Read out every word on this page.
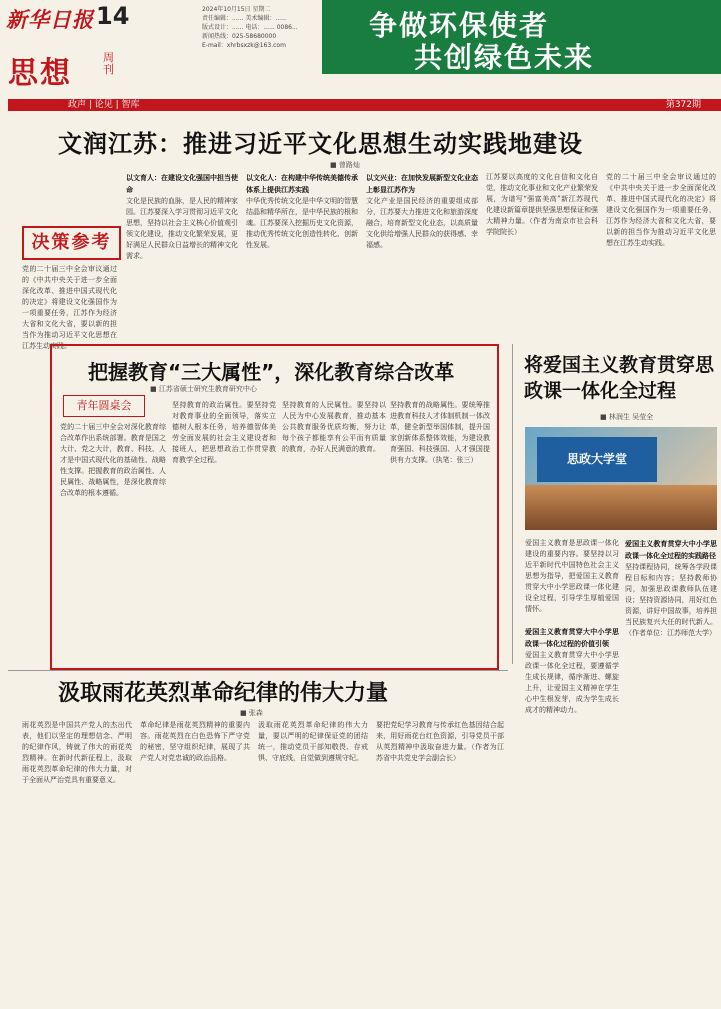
新华日报 14	2024年10月15日 星期二
责任编辑：...... 美术编辑：......
版式设计：...... 电话：...... 0086...
新闻热线：025-58680000
E-mail：xhrbsxzk@163.com
争做环保使者
共创绿色未来
思想	周刊
政声 | 论见 | 智库	第372期
文润江苏：推进习近平文化思想生动实践地建设
■ 曾路灿
决策参考
党的二十届三中全会审议通过的《中共中央关于进一步全面深化改革、推进中国式现代化的决定》将建设文化强国作为一项重要任务，江苏作为经济大省和文化大省，要以新的担当作为推动习近平文化思想在江苏生动实践。
以文育人：在建设文化强国中担当使命
文化是民族的血脉，是人民的精神家园。江苏要深入学习贯彻习近平文化思想，坚持以社会主义核心价值观引领文化建设，推动文化繁荣发展，更好满足人民群众日益增长的精神文化需求。
以文化人：在构建中华传统美德传承体系上提供江苏实践
中华优秀传统文化是中华文明的智慧结晶和精华所在，是中华民族的根和魂。江苏要深入挖掘历史文化资源，推动优秀传统文化创造性转化、创新性发展。
以文兴业：在加快发展新型文化业态上彰显江苏作为
文化产业是国民经济的重要组成部分，江苏要大力推进文化和旅游深度融合，培育新型文化业态，以高质量文化供给增强人民群众的获得感、幸福感。
江苏要以高度的文化自信和文化自觉，推动文化事业和文化产业繁荣发展，为谱写“强富美高”新江苏现代化建设新篇章提供坚强思想保证和强大精神力量。（作者为南京市社会科学院院长）
党的二十届三中全会审议通过的《中共中央关于进一步全面深化改革、推进中国式现代化的决定》将建设文化强国作为一项重要任务，江苏作为经济大省和文化大省，要以新的担当作为推动习近平文化思想在江苏生动实践。
把握教育“三大属性”，深化教育综合改革
■ 江苏省硕士研究生教育研究中心
青年圆桌会
党的二十届三中全会对深化教育综合改革作出系统部署。教育是国之大计、党之大计，教育、科技、人才是中国式现代化的基础性、战略性支撑。把握教育的政治属性、人民属性、战略属性，是深化教育综合改革的根本遵循。
坚持教育的政治属性。要坚持党对教育事业的全面领导，落实立德树人根本任务，培养德智体美劳全面发展的社会主义建设者和接班人，把思想政治工作贯穿教育教学全过程。
坚持教育的人民属性。要坚持以人民为中心发展教育，推动基本公共教育服务优质均衡，努力让每个孩子都能享有公平而有质量的教育，办好人民满意的教育。
坚持教育的战略属性。要统筹推进教育科技人才体制机制一体改革，健全新型举国体制，提升国家创新体系整体效能，为建设教育强国、科技强国、人才强国提供有力支撑。（执笔：张三）
将爱国主义教育贯穿思政课一体化全过程
■ 林润生 吴莹全
思政大学堂
爱国主义教育是思政课一体化建设的重要内容。要坚持以习近平新时代中国特色社会主义思想为指导，把爱国主义教育贯穿大中小学思政课一体化建设全过程，引导学生厚植爱国情怀。

爱国主义教育贯穿大中小学思政课一体化过程的价值引领
爱国主义教育贯穿大中小学思政课一体化全过程，要遵循学生成长规律，循序渐进、螺旋上升，让爱国主义精神在学生心中生根发芽，成为学生成长成才的精神动力。
爱国主义教育贯穿大中小学思政课一体化全过程的实践路径
坚持课程协同，统筹各学段课程目标和内容；坚持教师协同，加强思政课教师队伍建设；坚持资源协同，用好红色资源，讲好中国故事，培养担当民族复兴大任的时代新人。（作者单位：江苏师范大学）
汲取雨花英烈革命纪律的伟大力量
■ 张森
雨花英烈是中国共产党人的杰出代表，他们以坚定的理想信念、严明的纪律作风，铸就了伟大的雨花英烈精神。在新时代新征程上，汲取雨花英烈革命纪律的伟大力量，对于全面从严治党具有重要意义。
革命纪律是雨花英烈精神的重要内容。雨花英烈在白色恐怖下严守党的秘密，坚守组织纪律，展现了共产党人对党忠诚的政治品格。
汲取雨花英烈革命纪律的伟大力量，要以严明的纪律保证党的团结统一，推动党员干部知敬畏、存戒惧、守底线，自觉做到遵规守纪。
要把党纪学习教育与传承红色基因结合起来，用好雨花台红色资源，引导党员干部从英烈精神中汲取奋进力量。（作者为江苏省中共党史学会副会长）
